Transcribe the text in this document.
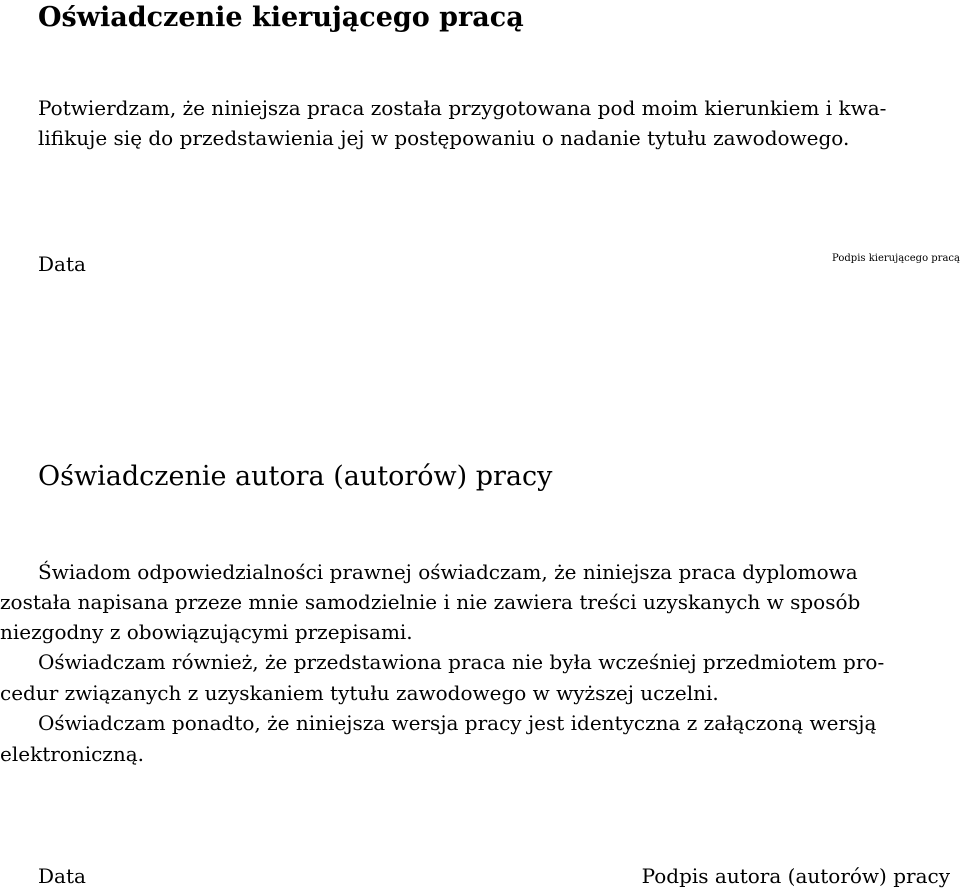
Oświadczenie kierującego pracą

Potwierdzam, że niniejsza praca została przygotowana pod moim kierunkiem i kwa-

lifikuje się do przedstawienia jej w postępowaniu o nadanie tytułu zawodowego.

Data	Podpis kierującego pracą

Oświadczenie autora (autorów) pracy

Świadom odpowiedzialności prawnej oświadczam, że niniejsza praca dyplomowa

została napisana przeze mnie samodzielnie i nie zawiera treści uzyskanych w sposób

niezgodny z obowiązującymi przepisami.

Oświadczam również, że przedstawiona praca nie była wcześniej przedmiotem pro-

cedur związanych z uzyskaniem tytułu zawodowego w wyższej uczelni.

Oświadczam ponadto, że niniejsza wersja pracy jest identyczna z załączoną wersją

elektroniczną.

Data	Podpis autora (autorów) pracy
